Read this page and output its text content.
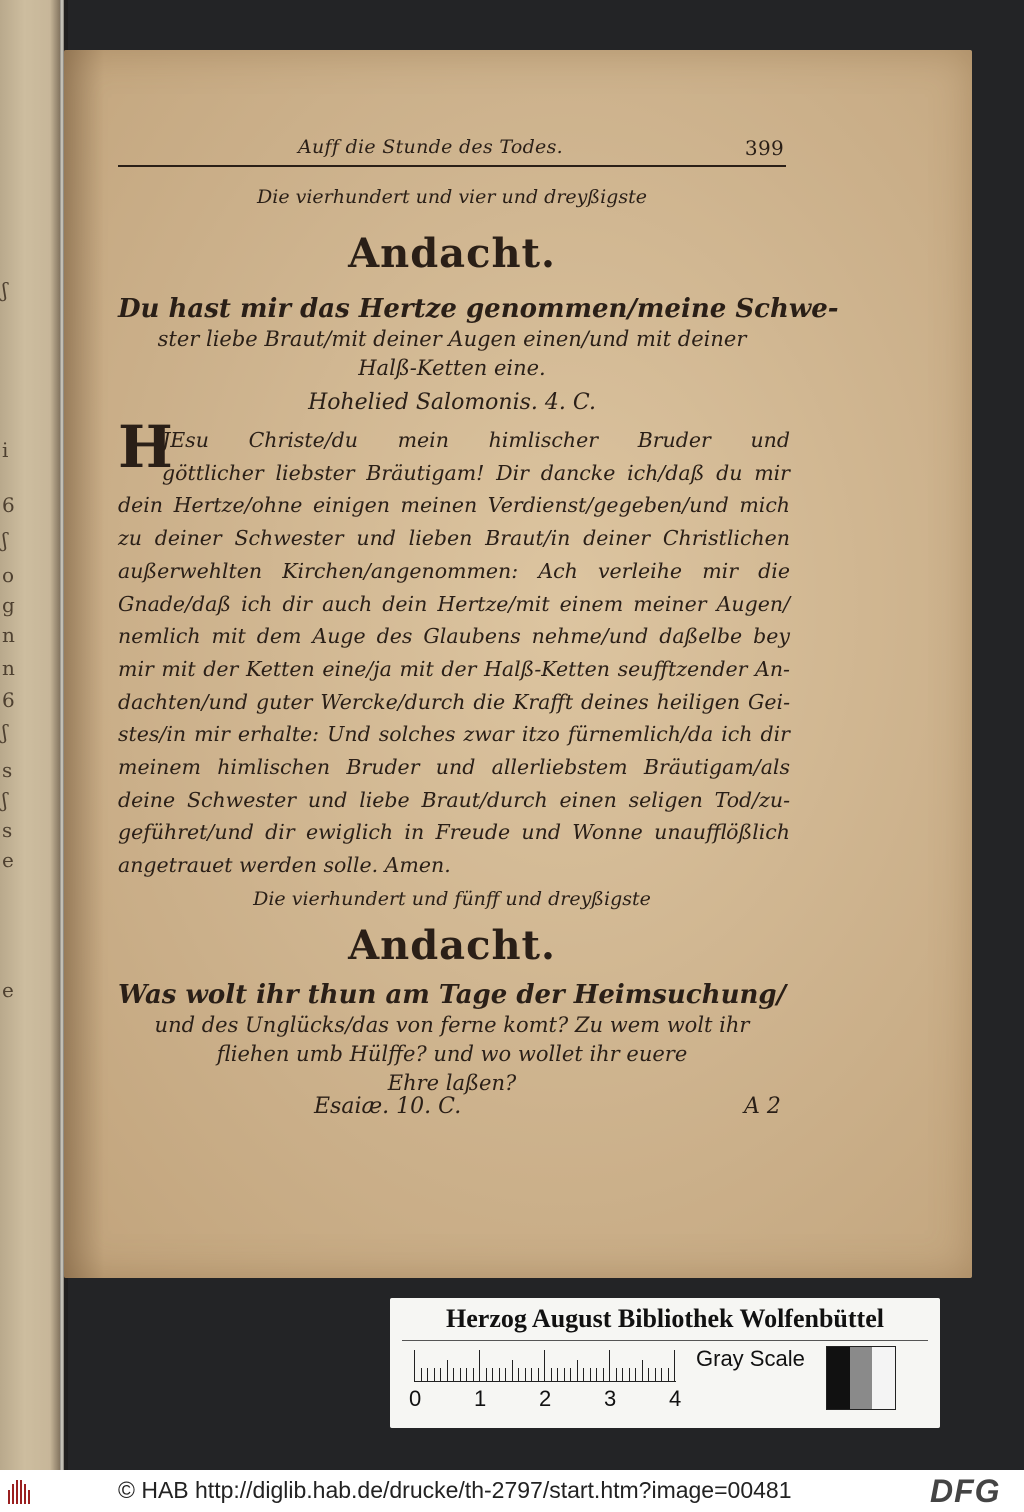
ʃ
i
6
ʃ
o
g
n
n
6
ʃ
s
ʃ
s
e
e
Auff die Stunde des Todes.	399
Die vierhundert und vier und dreyßigste
Andacht.
Du hast mir das Hertze genommen/meine Schwe-
ster liebe Braut/mit deiner Augen einen/und mit deiner
Halß-Ketten eine.
Hohelied Salomonis. 4. C.
H
JEsu Christe/du mein himlischer Bruder und
göttlicher liebster Bräutigam! Dir dancke ich/daß du mir
dein Hertze/ohne einigen meinen Verdienst/gegeben/und mich
zu deiner Schwester und lieben Braut/in deiner Christlichen
außerwehlten Kirchen/angenommen: Ach verleihe mir die
Gnade/daß ich dir auch dein Hertze/mit einem meiner Augen/
nemlich mit dem Auge des Glaubens nehme/und daßelbe bey
mir mit der Ketten eine/ja mit der Halß-Ketten seufftzender An-
dachten/und guter Wercke/durch die Krafft deines heiligen Gei-
stes/in mir erhalte: Und solches zwar itzo fürnemlich/da ich dir
meinem himlischen Bruder und allerliebstem Bräutigam/als
deine Schwester und liebe Braut/durch einen seligen Tod/zu-
geführet/und dir ewiglich in Freude und Wonne unaufflößlich
angetrauet werden solle. Amen.
Die vierhundert und fünff und dreyßigste
Andacht.
Was wolt ihr thun am Tage der Heimsuchung/
und des Unglücks/das von ferne komt? Zu wem wolt ihr
fliehen umb Hülffe? und wo wollet ihr euere
Ehre laßen?
Esaiæ. 10. C.	A 2
Herzog August Bibliothek Wolfenbüttel
0 1 2 3 4
Gray Scale
© HAB http://diglib.hab.de/drucke/th-2797/start.htm?image=00481	DFG
